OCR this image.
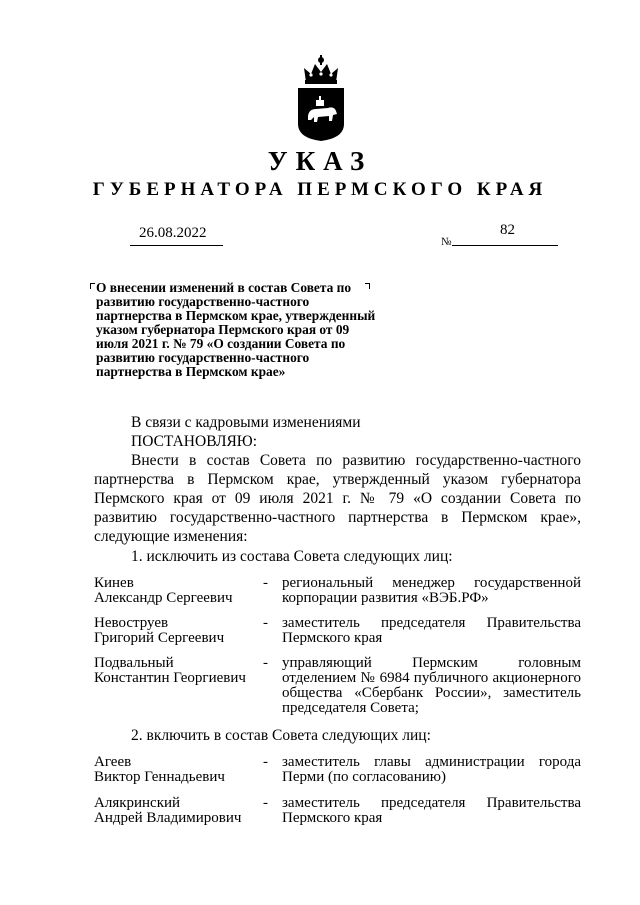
УКАЗ
ГУБЕРНАТОРА ПЕРМСКОГО КРАЯ
26.08.2022
№
82
О внесении изменений в состав Совета по развитию государственно-частного партнерства в Пермском крае, утвержденный указом губернатора Пермского края от 09 июля 2021 г. № 79 «О создании Совета по развитию государственно-частного партнерства в Пермском крае»
В связи с кадровыми изменениями
ПОСТАНОВЛЯЮ:
Внести в состав Совета по развитию государственно-частного партнерства в Пермском крае, утвержденный указом губернатора Пермского края от 09 июля 2021 г. № 79 «О создании Совета по развитию государственно-частного партнерства в Пермском крае», следующие изменения:
1. исключить из состава Совета следующих лиц:
Кинев
Александр Сергеевич
- региональный менеджер государственной корпорации развития «ВЭБ.РФ»
Невоструев
Григорий Сергеевич
- заместитель председателя Правительства Пермского края
Подвальный
Константин Георгиевич
- управляющий Пермским головным отделением № 6984 публичного акционерного общества «Сбербанк России», заместитель председателя Совета;
2. включить в состав Совета следующих лиц:
Агеев
Виктор Геннадьевич
- заместитель главы администрации города Перми (по согласованию)
Алякринский
Андрей Владимирович
- заместитель председателя Правительства Пермского края
